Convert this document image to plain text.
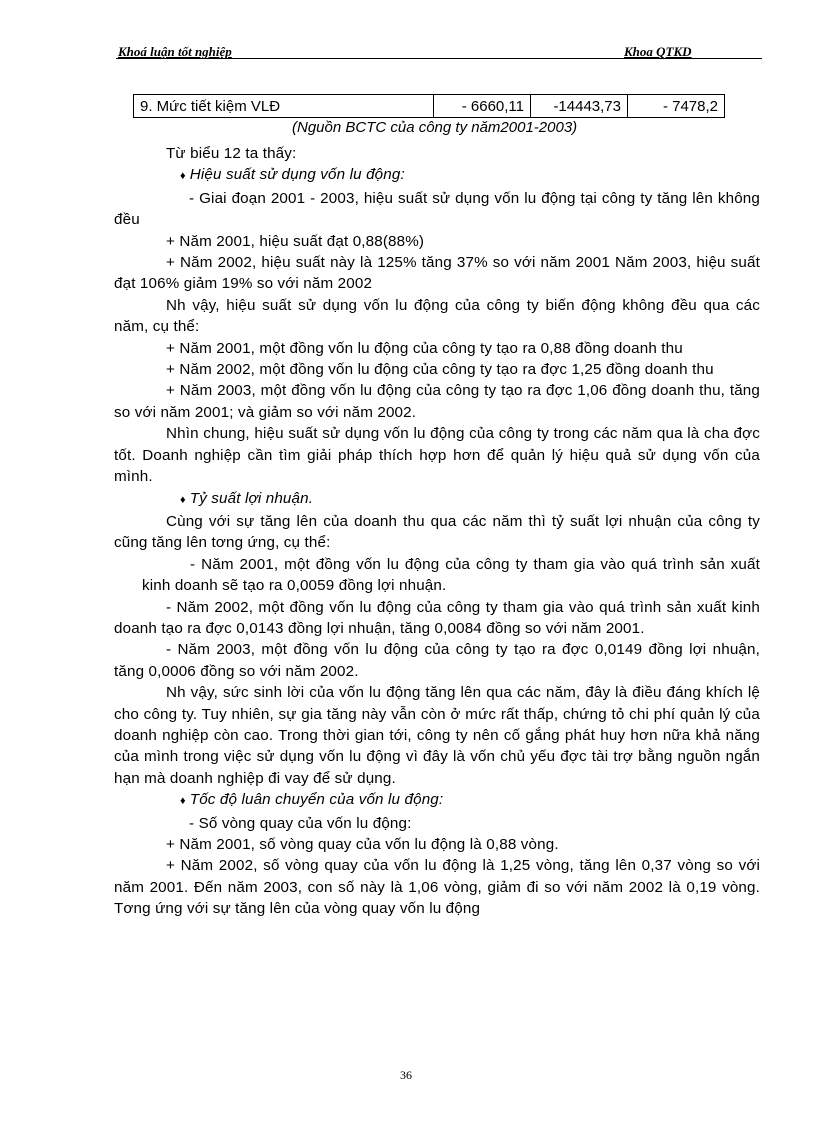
Khoá luận tốt nghiệp	Khoa QTKD
9. Mức tiết kiệm VLĐ	- 6660,11	-14443,73	- 7478,2
(Nguồn BCTC của công ty năm2001-2003)

Từ biểu 12 ta thấy:

♦ Hiệu suất sử dụng vốn lu động:

- Giai đoạn 2001 - 2003, hiệu suất sử dụng vốn lu động tại công ty tăng lên không đều

+ Năm 2001, hiệu suất đạt 0,88(88%)

+ Năm 2002, hiệu suất này là 125% tăng 37% so với năm 2001 Năm 2003, hiệu suất đạt 106% giảm 19% so với năm 2002

Nh vậy, hiệu suất sử dụng vốn lu động của công ty biến động không đều qua các năm, cụ thể:

+ Năm 2001, một đồng vốn lu động của công ty tạo ra 0,88 đồng doanh thu

+ Năm 2002, một đồng vốn lu động của công ty tạo ra đợc 1,25 đồng doanh thu

+ Năm 2003, một đồng vốn lu động của công ty tạo ra đợc 1,06 đồng doanh thu, tăng so với năm 2001; và giảm so với năm 2002.

Nhìn chung, hiệu suất sử dụng vốn lu động của công ty trong các năm qua là cha đợc tốt. Doanh nghiệp cần tìm giải pháp thích hợp hơn để quản lý hiệu quả sử dụng vốn của mình.

♦ Tỷ suất lợi nhuận.

Cùng với sự tăng lên của doanh thu qua các năm thì tỷ suất lợi nhuận của công ty cũng tăng lên tơng ứng, cụ thể:

- Năm 2001, một đồng vốn lu động của công ty tham gia vào quá trình sản xuất kinh doanh sẽ tạo ra 0,0059 đồng lợi nhuận.

- Năm 2002, một đồng vốn lu động của công ty tham gia vào quá trình sản xuất kinh doanh tạo ra đợc 0,0143 đồng lợi nhuận, tăng 0,0084 đồng so với năm 2001.

- Năm 2003, một đồng vốn lu động của công ty tạo ra đợc 0,0149 đồng lợi nhuận, tăng 0,0006 đồng so với năm 2002.

Nh vậy, sức sinh lời của vốn lu động tăng lên qua các năm, đây là điều đáng khích lệ cho công ty. Tuy nhiên, sự gia tăng này vẫn còn ở mức rất thấp, chứng tỏ chi phí quản lý của doanh nghiệp còn cao. Trong thời gian tới, công ty nên cố gắng phát huy hơn nữa khả năng của mình trong việc sử dụng vốn lu động vì đây là vốn chủ yếu đợc tài trợ bằng nguồn ngắn hạn mà doanh nghiệp đi vay để sử dụng.

♦ Tốc độ luân chuyển của vốn lu động:

- Số vòng quay của vốn lu động:

+ Năm 2001, số vòng quay của vốn lu động là 0,88 vòng.

+ Năm 2002, số vòng quay của vốn lu động là 1,25 vòng, tăng lên 0,37 vòng so với năm 2001. Đến năm 2003, con số này là 1,06 vòng, giảm đi so với năm 2002 là 0,19 vòng. Tơng ứng với sự tăng lên của vòng quay vốn lu động

36
